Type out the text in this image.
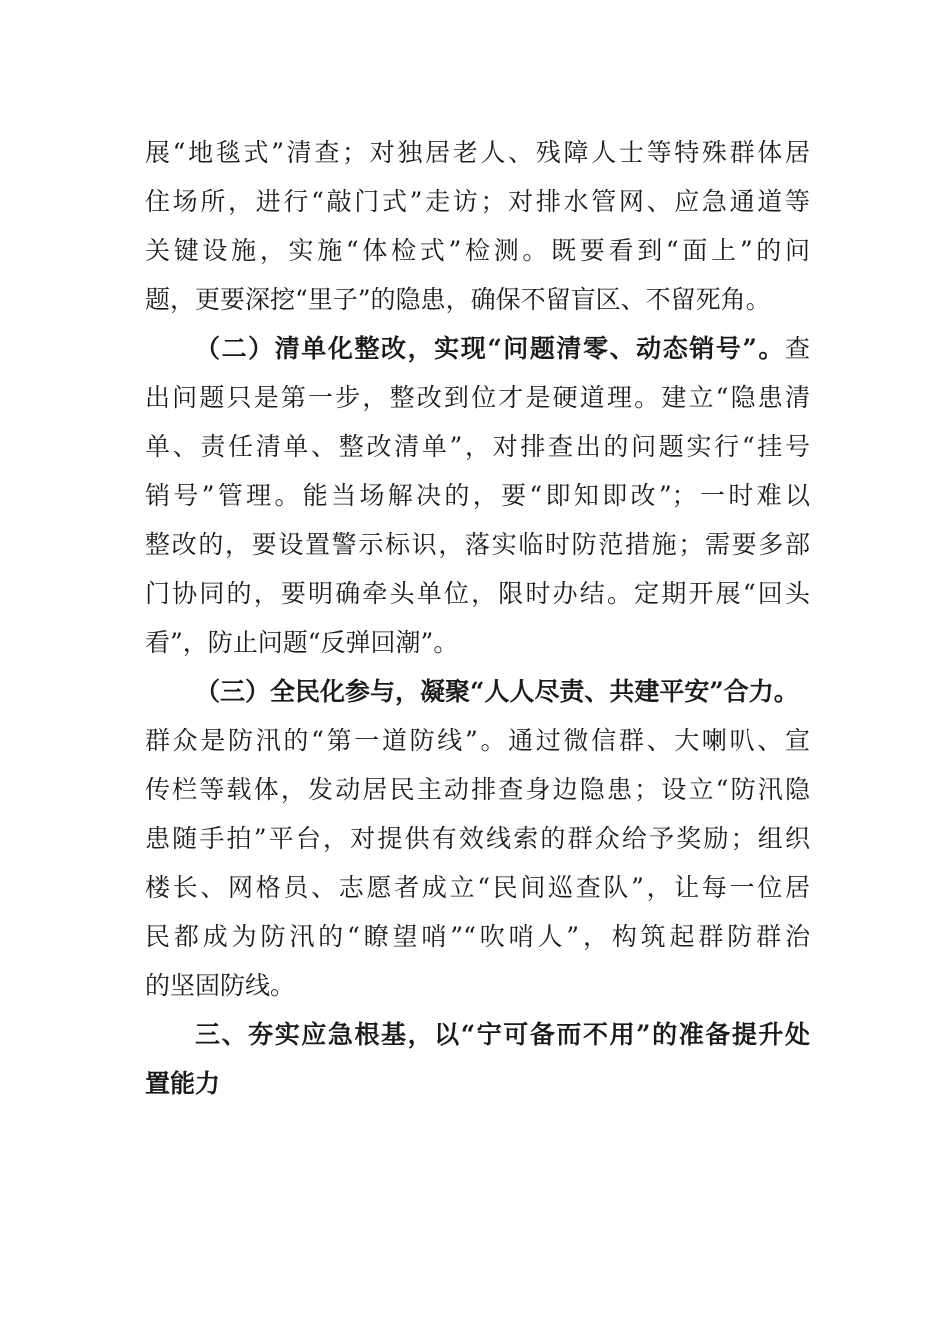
展“地毯式”清查；对独居老人、残障人士等特殊群体居
住场所，进行“敲门式”走访；对排水管网、应急通道等
关键设施，实施“体检式”检测。既要看到“面上”的问
题，更要深挖“里子”的隐患，确保不留盲区、不留死角。
（二）清单化整改，实现“问题清零、动态销号”。查
出问题只是第一步，整改到位才是硬道理。建立“隐患清
单、责任清单、整改清单”，对排查出的问题实行“挂号
销号”管理。能当场解决的，要“即知即改”；一时难以
整改的，要设置警示标识，落实临时防范措施；需要多部
门协同的，要明确牵头单位，限时办结。定期开展“回头
看”，防止问题“反弹回潮”。
（三）全民化参与，凝聚“人人尽责、共建平安”合力。
群众是防汛的“第一道防线”。通过微信群、大喇叭、宣
传栏等载体，发动居民主动排查身边隐患；设立“防汛隐
患随手拍”平台，对提供有效线索的群众给予奖励；组织
楼长、网格员、志愿者成立“民间巡查队”，让每一位居
民都成为防汛的“瞭望哨”“吹哨人”，构筑起群防群治
的坚固防线。
三、夯实应急根基，以“宁可备而不用”的准备提升处
置能力
